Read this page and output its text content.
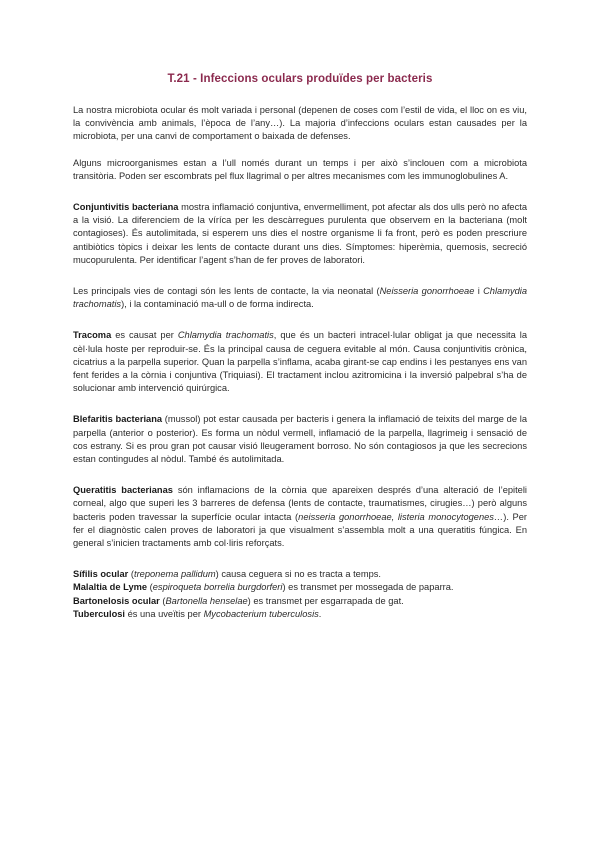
T.21 - Infeccions oculars produïdes per bacteris

La nostra microbiota ocular és molt variada i personal (depenen de coses com l’estil de vida, el lloc on es viu, la convivència amb animals, l’època de l’any…). La majoria d’infeccions oculars estan causades per la microbiota, per una canvi de comportament o baixada de defenses.

Alguns microorganismes estan a l’ull només durant un temps i per això s’inclouen com a microbiota transitòria. Poden ser escombrats pel flux llagrimal o per altres mecanismes com les immunoglobulines A.

Conjuntivitis bacteriana mostra inflamació conjuntiva, envermelliment, pot afectar als dos ulls però no afecta a la visió. La diferenciem de la víríca per les descàrregues purulenta que observem en la bacteriana (molt contagioses). És autolimitada, si esperem uns dies el nostre organisme li fa front, però es poden prescriure antibiòtics tòpics i deixar les lents de contacte durant uns dies. Símptomes: hiperèmia, quemosis, secreció mucopurulenta. Per identificar l’agent s’han de fer proves de laboratori.

Les principals vies de contagi són les lents de contacte, la via neonatal (Neisseria gonorrhoeae i Chlamydia trachomatis), i la contaminació ma-ull o de forma indirecta.

Tracoma es causat per Chlamydia trachomatis, que és un bacteri intracel·lular obligat ja que necessita la cèl·lula hoste per reproduir-se. És la principal causa de ceguera evitable al món. Causa conjuntivitis crònica, cicatrius a la parpella superior. Quan la parpella s’inflama, acaba girant-se cap endins i les pestanyes ens van fent ferides a la còrnia i conjuntiva (Triquiasi). El tractament inclou azitromicina i la inversió palpebral s’ha de solucionar amb intervenció quirúrgica.

Blefaritis bacteriana (mussol) pot estar causada per bacteris i genera la inflamació de teixits del marge de la parpella (anterior o posterior). Es forma un nòdul vermell, inflamació de la parpella, llagrimeig i sensació de cos estrany. Si es prou gran pot causar visió lleugerament borroso. No són contagiosos ja que les secrecions estan contingudes al nòdul. També és autolimitada.

Queratitis bacterianas són inflamacions de la còrnia que apareixen després d’una alteració de l’epiteli corneal, algo que superi les 3 barreres de defensa (lents de contacte, traumatismes, cirugies…) però alguns bacteris poden travessar la superfície ocular intacta (neisseria gonorrhoeae, listeria monocytogenes…). Per fer el diagnòstic calen proves de laboratori ja que visualment s’assembla molt a una queratitis fúngica. En general s’inicien tractaments amb col·liris reforçats.

Sífilis ocular (treponema pallidum) causa ceguera si no es tracta a temps.

Malaltia de Lyme (espiroqueta borrelia burgdorferi) es transmet per mossegada de paparra.

Bartonelosis ocular (Bartonella henselae) es transmet per esgarrapada de gat.

Tuberculosi és una uveïtis per Mycobacterium tuberculosis.
